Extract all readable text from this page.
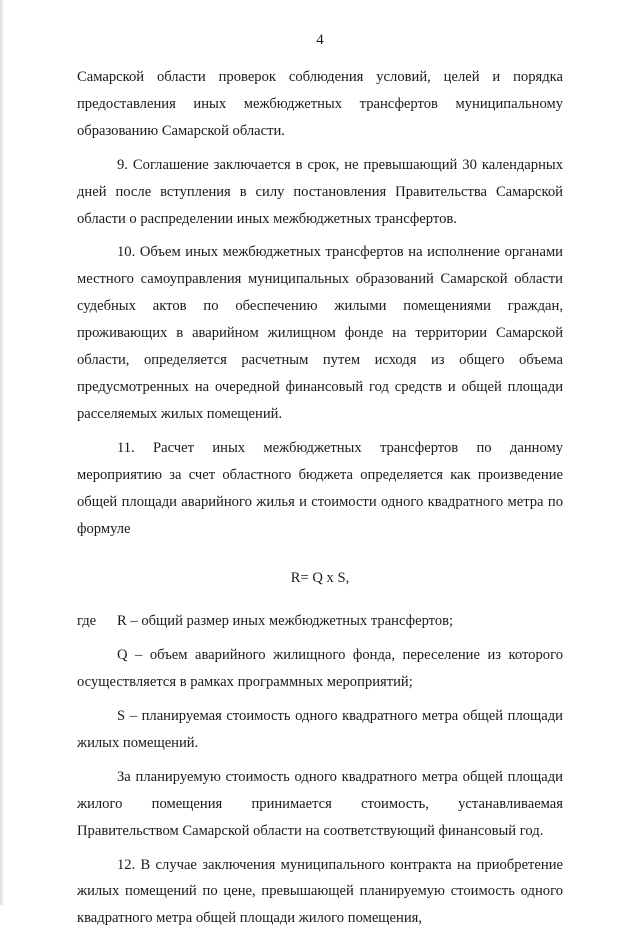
4

Самарской области проверок соблюдения условий, целей и порядка предоставления иных межбюджетных трансфертов муниципальному образованию Самарской области.

9. Соглашение заключается в срок, не превышающий 30 календарных дней после вступления в силу постановления Правительства Самарской области о распределении иных межбюджетных трансфертов.

10. Объем иных межбюджетных трансфертов на исполнение органами местного самоуправления муниципальных образований Самарской области судебных актов по обеспечению жилыми помещениями граждан, проживающих в аварийном жилищном фонде на территории Самарской области, определяется расчетным путем исходя из общего объема предусмотренных на очередной финансовый год средств и общей площади расселяемых жилых помещений.

11. Расчет иных межбюджетных трансфертов по данному мероприятию за счет областного бюджета определяется как произведение общей площади аварийного жилья и стоимости одного квадратного метра по формуле

R= Q x S,

где R – общий размер иных межбюджетных трансфертов;

Q – объем аварийного жилищного фонда, переселение из которого осуществляется в рамках программных мероприятий;

S – планируемая стоимость одного квадратного метра общей площади жилых помещений.

За планируемую стоимость одного квадратного метра общей площади жилого помещения принимается стоимость, устанавливаемая Правительством Самарской области на соответствующий финансовый год.

12. В случае заключения муниципального контракта на приобретение жилых помещений по цене, превышающей планируемую стоимость одного квадратного метра общей площади жилого помещения,
